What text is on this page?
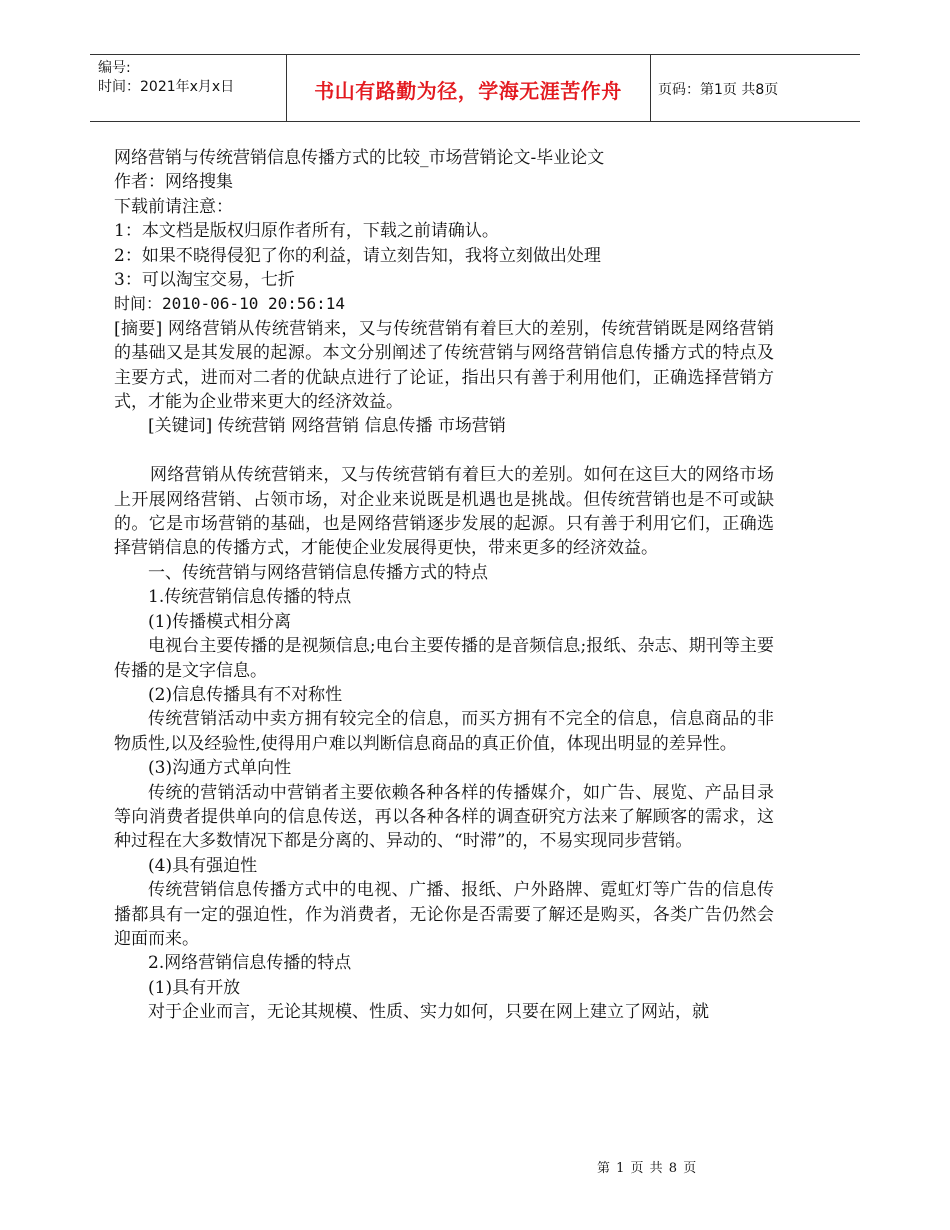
编号:
时间：2021年x月x日	书山有路勤为径，学海无涯苦作舟	页码：第1页 共8页
网络营销与传统营销信息传播方式的比较_市场营销论文-毕业论文
作者：网络搜集
下载前请注意：
1：本文档是版权归原作者所有，下载之前请确认。
2：如果不晓得侵犯了你的利益，请立刻告知，我将立刻做出处理
3：可以淘宝交易，七折
时间：2010-06-10 20:56:14
[摘要] 网络营销从传统营销来，又与传统营销有着巨大的差别，传统营销既是网络营销的基础又是其发展的起源。本文分别阐述了传统营销与网络营销信息传播方式的特点及主要方式，进而对二者的优缺点进行了论证，指出只有善于利用他们，正确选择营销方式，才能为企业带来更大的经济效益。
[关键词] 传统营销 网络营销 信息传播 市场营销
网络营销从传统营销来，又与传统营销有着巨大的差别。如何在这巨大的网络市场上开展网络营销、占领市场，对企业来说既是机遇也是挑战。但传统营销也是不可或缺的。它是市场营销的基础，也是网络营销逐步发展的起源。只有善于利用它们，正确选择营销信息的传播方式，才能使企业发展得更快，带来更多的经济效益。
一、传统营销与网络营销信息传播方式的特点
1.传统营销信息传播的特点
(1)传播模式相分离
电视台主要传播的是视频信息;电台主要传播的是音频信息;报纸、杂志、期刊等主要传播的是文字信息。
(2)信息传播具有不对称性
传统营销活动中卖方拥有较完全的信息，而买方拥有不完全的信息，信息商品的非物质性,以及经验性,使得用户难以判断信息商品的真正价值，体现出明显的差异性。
(3)沟通方式单向性
传统的营销活动中营销者主要依赖各种各样的传播媒介，如广告、展览、产品目录等向消费者提供单向的信息传送，再以各种各样的调查研究方法来了解顾客的需求，这种过程在大多数情况下都是分离的、异动的、“时滞”的，不易实现同步营销。
(4)具有强迫性
传统营销信息传播方式中的电视、广播、报纸、户外路牌、霓虹灯等广告的信息传播都具有一定的强迫性，作为消费者，无论你是否需要了解还是购买，各类广告仍然会迎面而来。
2.网络营销信息传播的特点
(1)具有开放
对于企业而言，无论其规模、性质、实力如何，只要在网上建立了网站，就
第 1 页 共 8 页
